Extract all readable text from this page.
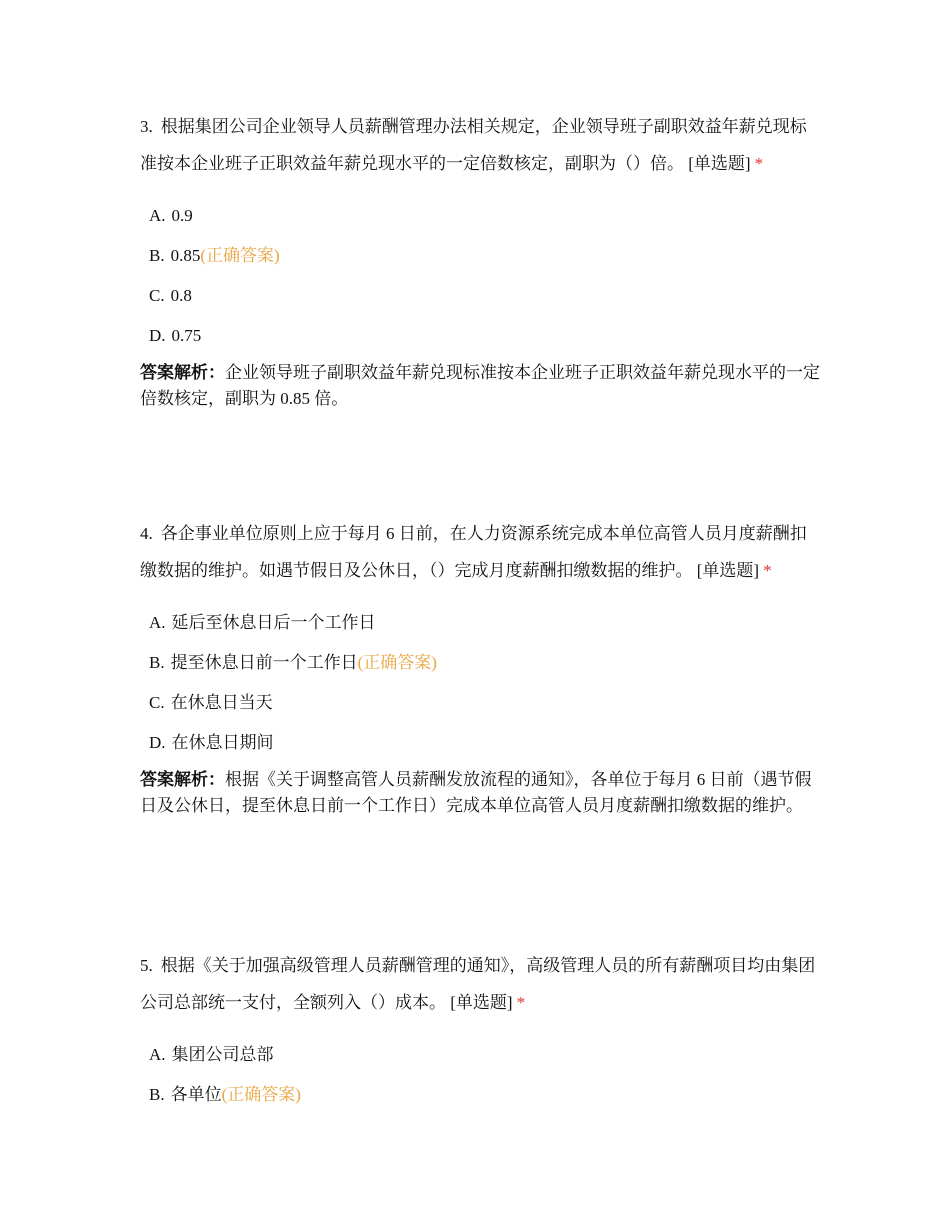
3. 根据集团公司企业领导人员薪酬管理办法相关规定，企业领导班子副职效益年薪兑现标准按本企业班子正职效益年薪兑现水平的一定倍数核定，副职为（）倍。 [单选题] *

A. 0.9
B. 0.85(正确答案)
C. 0.8
D. 0.75

答案解析：企业领导班子副职效益年薪兑现标准按本企业班子正职效益年薪兑现水平的一定倍数核定，副职为 0.85 倍。

4. 各企事业单位原则上应于每月 6 日前，在人力资源系统完成本单位高管人员月度薪酬扣缴数据的维护。如遇节假日及公休日，（）完成月度薪酬扣缴数据的维护。 [单选题] *

A. 延后至休息日后一个工作日
B. 提至休息日前一个工作日(正确答案)
C. 在休息日当天
D. 在休息日期间

答案解析：根据《关于调整高管人员薪酬发放流程的通知》，各单位于每月 6 日前（遇节假日及公休日，提至休息日前一个工作日）完成本单位高管人员月度薪酬扣缴数据的维护。

5. 根据《关于加强高级管理人员薪酬管理的通知》，高级管理人员的所有薪酬项目均由集团公司总部统一支付，全额列入（）成本。 [单选题] *

A. 集团公司总部
B. 各单位(正确答案)
